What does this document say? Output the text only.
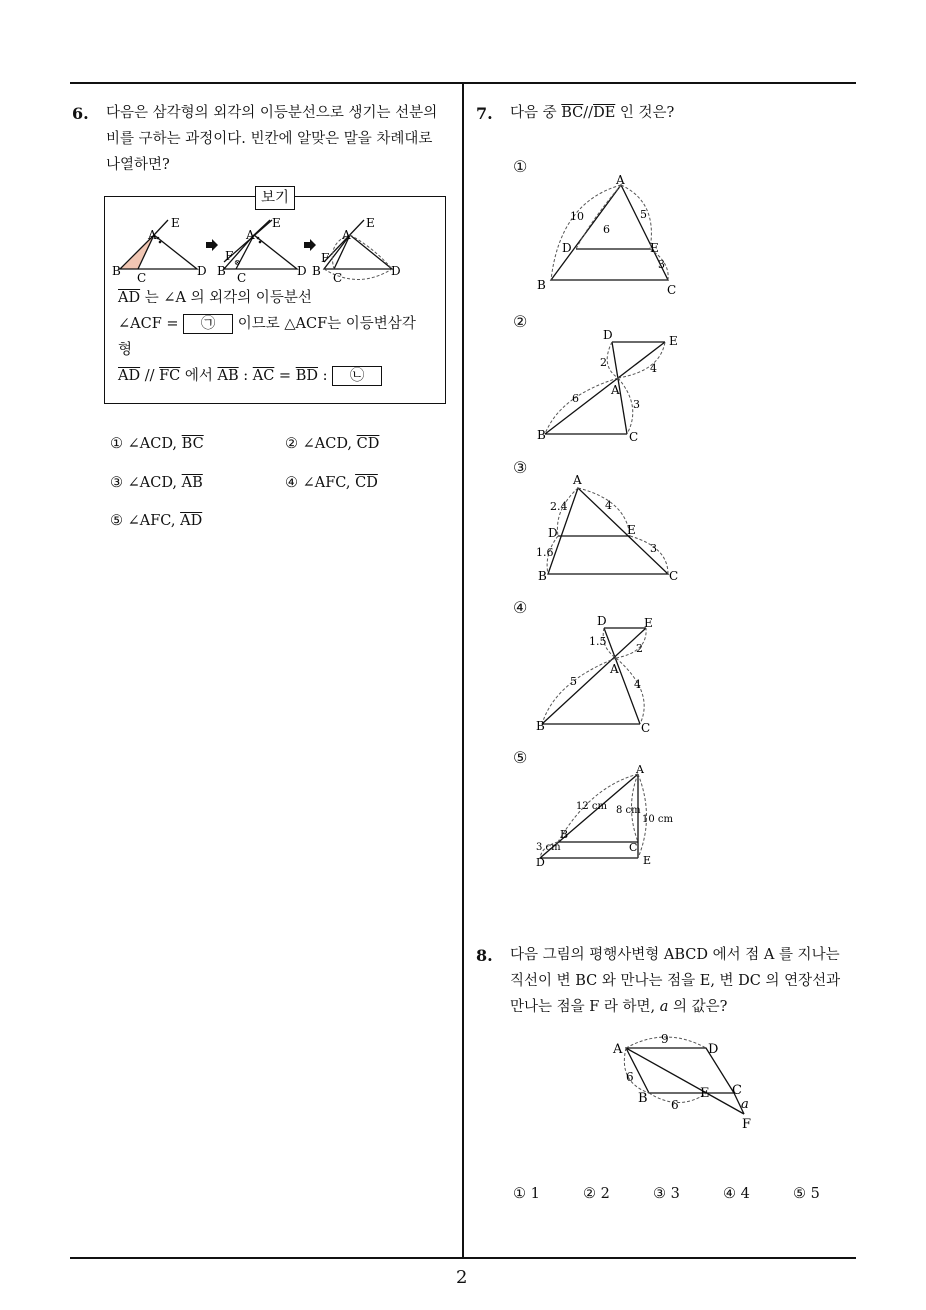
2
6. 다음은 삼각형의 외각의 이등분선으로 생기는 선분의
비를 구하는 과정이다. 빈칸에 알맞은 말을 차례대로
나열하면?
보기
A
E
B C	D
⊗
A
E
F
B C	D
A
E
F
B C	D
$\overline{AD}$ 는 ∠A 의 외각의 이등분선
∠ACF = ㉠ 이므로 △ACF는 이등변삼각
형
$\overline{AD} // \overline{FC}$ 에서 $\overline{AB}$ : $\overline{AC} = \overline{BD}$ : ㉡
① ∠ACD, $\overline{BC}$	② ∠ACD, $\overline{CD}$
③ ∠ACD, $\overline{AB}$	④ ∠AFC, $\overline{CD}$
⑤ ∠AFC, $\overline{AD}$
7. 다음 중 $\overline{BC}//\overline{DE}$ 인 것은?
①
A
B	C
D	E
10
6
5
3
②
D	E
A
B	C
2	4
6	3
③
A
B	C
D	E
2.4
1.6
4
3
④
D	E
A
B	C
1.5
2
5	4
⑤
A
B
C
D	E
12 cm 8 cm
10 cm
3 cm
8. 다음 그림의 평행사변형 ABCD 에서 점 A 를 지나는
직선이 변 BC 와 만나는 점을 E, 변 DC 의 연장선과
만나는 점을 F 라 하면, a 의 값은?
A	D
B
C
E
F
9
6
6	a
① 1	② 2	③ 3	④ 4	⑤ 5
